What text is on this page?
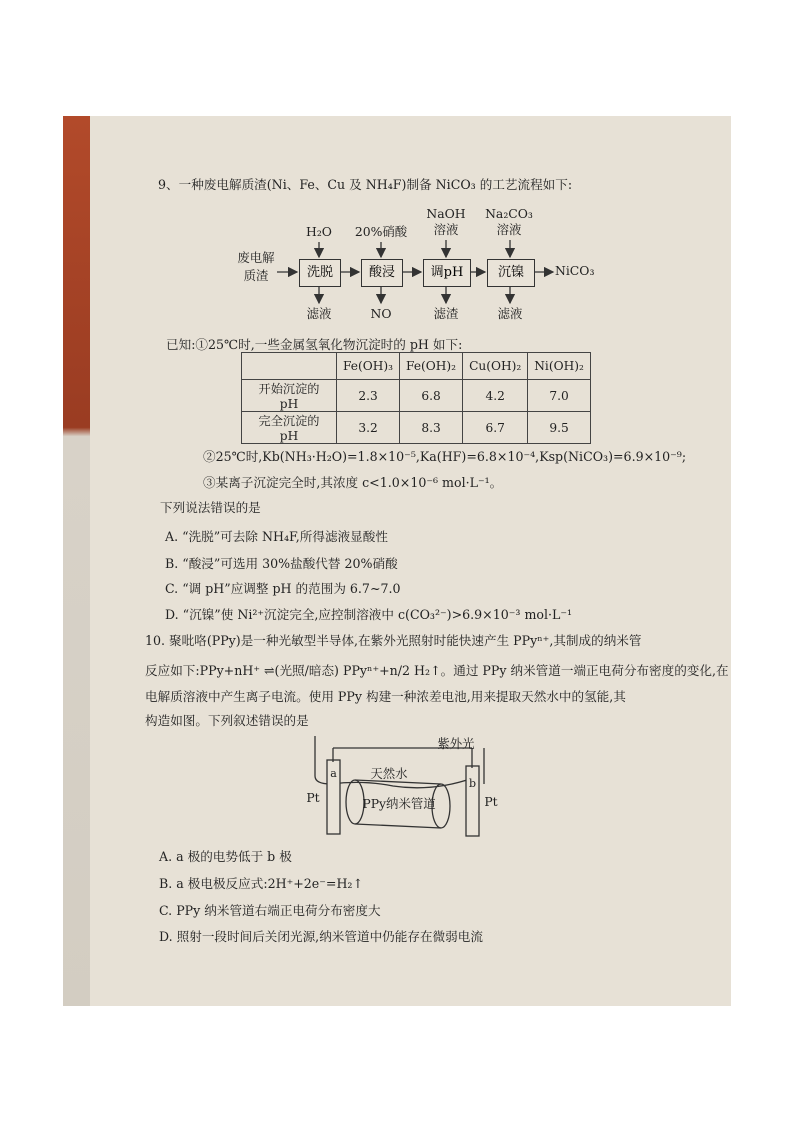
9、一种废电解质渣(Ni、Fe、Cu 及 NH₄F)制备 NiCO₃ 的工艺流程如下:
废电解
质渣
H₂O	20%硝酸
NaOH
溶液
Na₂CO₃
溶液
洗脱	酸浸	调pH	沉镍	NiCO₃
滤液	NO	滤渣	滤液
已知:①25℃时,一些金属氢氧化物沉淀时的 pH 如下:
	Fe(OH)₃	Fe(OH)₂	Cu(OH)₂	Ni(OH)₂
开始沉淀的 pH	2.3	6.8	4.2	7.0
完全沉淀的 pH	3.2	8.3	6.7	9.5
②25℃时,Kb(NH₃·H₂O)=1.8×10⁻⁵,Ka(HF)=6.8×10⁻⁴,Ksp(NiCO₃)=6.9×10⁻⁹;
③某离子沉淀完全时,其浓度 c<1.0×10⁻⁶ mol·L⁻¹。
下列说法错误的是
A. “洗脱”可去除 NH₄F,所得滤液显酸性
B. “酸浸”可选用 30%盐酸代替 20%硝酸
C. “调 pH”应调整 pH 的范围为 6.7~7.0
D. “沉镍”使 Ni²⁺沉淀完全,应控制溶液中 c(CO₃²⁻)>6.9×10⁻³ mol·L⁻¹
10. 聚吡咯(PPy)是一种光敏型半导体,在紫外光照射时能快速产生 PPyⁿ⁺,其制成的纳米管
反应如下:PPy+nH⁺ ⇌(光照/暗态) PPyⁿ⁺+n/2 H₂↑。通过 PPy 纳米管道一端正电荷分布密度的变化,在
电解质溶液中产生离子电流。使用 PPy 构建一种浓差电池,用来提取天然水中的氢能,其
构造如图。下列叙述错误的是
紫外光
天然水
PPy纳米管道
a
b
Pt	Pt
A. a 极的电势低于 b 极
B. a 极电极反应式:2H⁺+2e⁻=H₂↑
C. PPy 纳米管道右端正电荷分布密度大
D. 照射一段时间后关闭光源,纳米管道中仍能存在微弱电流
